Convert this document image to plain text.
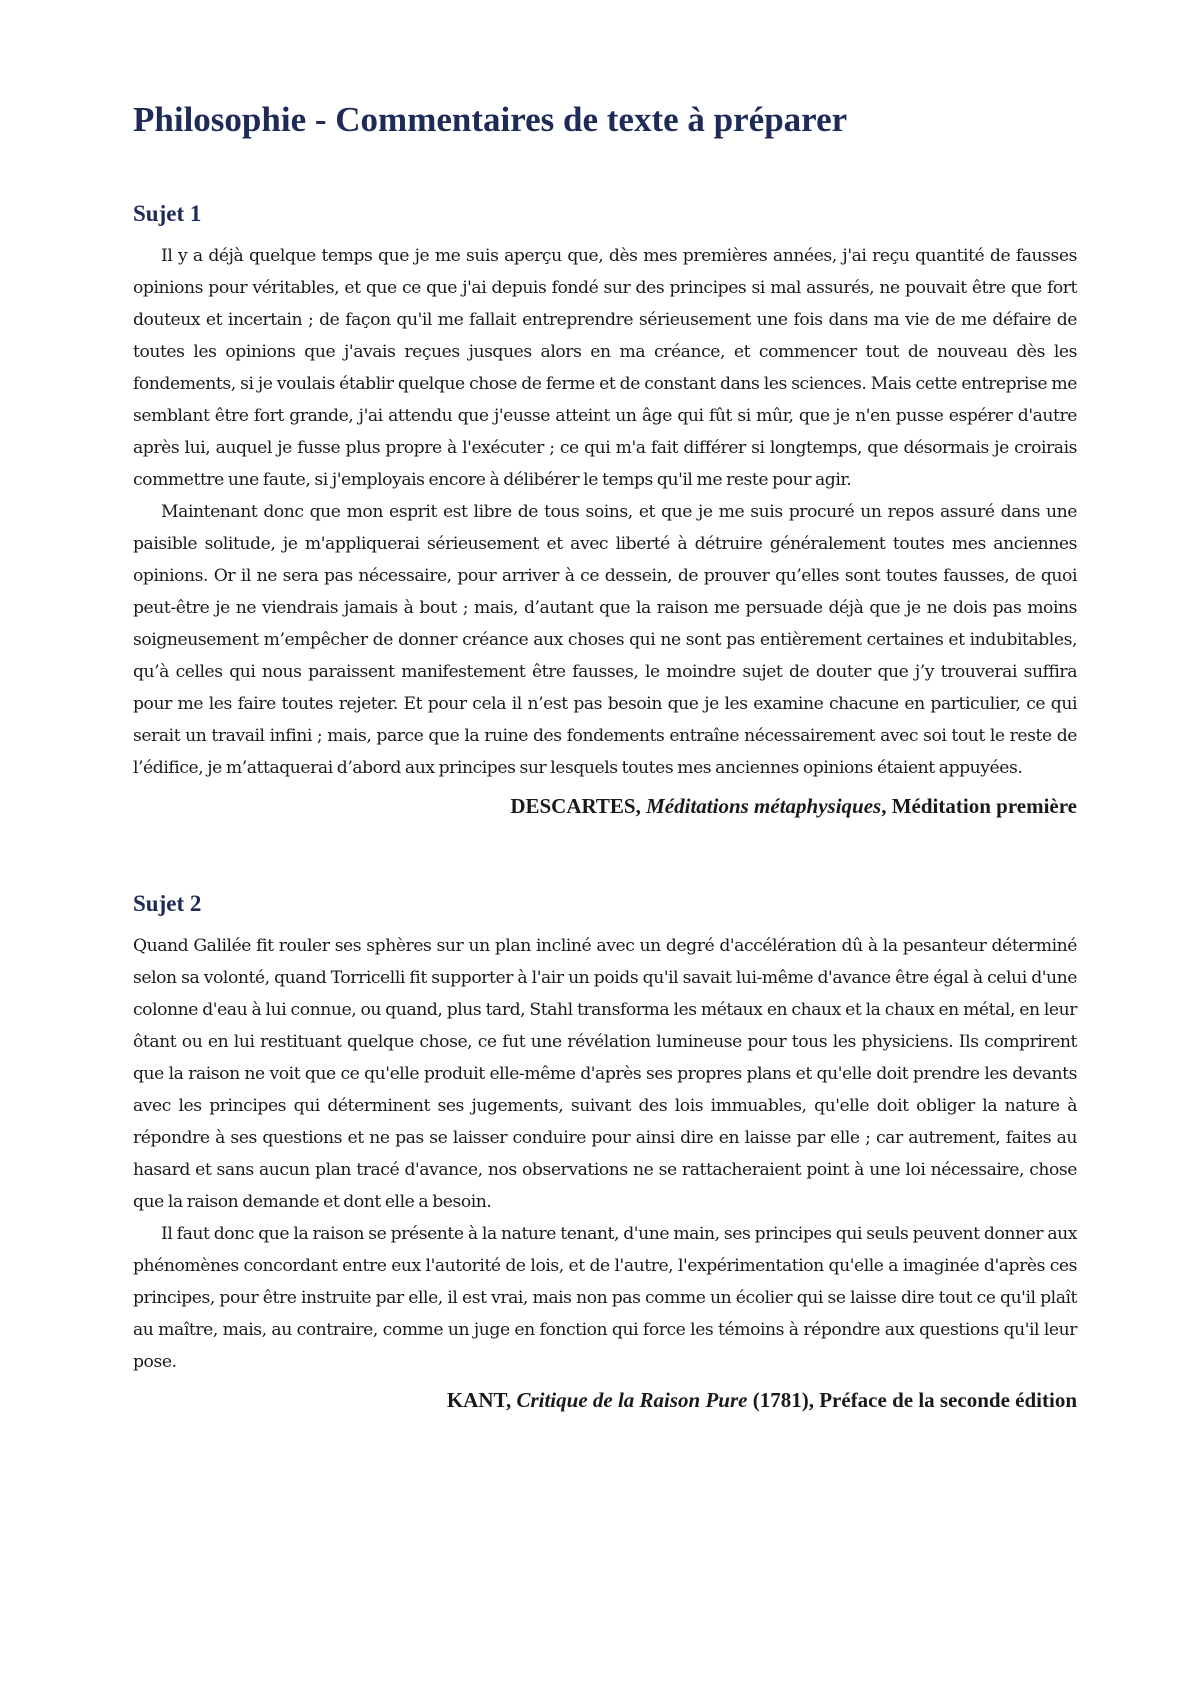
Philosophie - Commentaires de texte à préparer
Sujet 1

Il y a déjà quelque temps que je me suis aperçu que, dès mes premières années, j'ai reçu quantité de fausses opinions pour véritables, et que ce que j'ai depuis fondé sur des principes si mal assurés, ne pouvait être que fort douteux et incertain ; de façon qu'il me fallait entreprendre sérieusement une fois dans ma vie de me défaire de toutes les opinions que j'avais reçues jusques alors en ma créance, et commencer tout de nouveau dès les fondements, si je voulais établir quelque chose de ferme et de constant dans les sciences. Mais cette entreprise me semblant être fort grande, j'ai attendu que j'eusse atteint un âge qui fût si mûr, que je n'en pusse espérer d'autre après lui, auquel je fusse plus propre à l'exécuter ; ce qui m'a fait différer si longtemps, que désormais je croirais commettre une faute, si j'employais encore à délibérer le temps qu'il me reste pour agir.

Maintenant donc que mon esprit est libre de tous soins, et que je me suis procuré un repos assuré dans une paisible solitude, je m'appliquerai sérieusement et avec liberté à détruire généralement toutes mes anciennes opinions. Or il ne sera pas nécessaire, pour arriver à ce dessein, de prouver qu’elles sont toutes fausses, de quoi peut-être je ne viendrais jamais à bout ; mais, d’autant que la raison me persuade déjà que je ne dois pas moins soigneusement m’empêcher de donner créance aux choses qui ne sont pas entièrement certaines et indubitables, qu’à celles qui nous paraissent manifestement être fausses, le moindre sujet de douter que j’y trouverai suffira pour me les faire toutes rejeter. Et pour cela il n’est pas besoin que je les examine chacune en particulier, ce qui serait un travail infini ; mais, parce que la ruine des fondements entraîne nécessairement avec soi tout le reste de l’édifice, je m’attaquerai d’abord aux principes sur lesquels toutes mes anciennes opinions étaient appuyées.

DESCARTES, Méditations métaphysiques, Méditation première

Sujet 2

Quand Galilée fit rouler ses sphères sur un plan incliné avec un degré d'accélération dû à la pesanteur déterminé selon sa volonté, quand Torricelli fit supporter à l'air un poids qu'il savait lui-même d'avance être égal à celui d'une colonne d'eau à lui connue, ou quand, plus tard, Stahl transforma les métaux en chaux et la chaux en métal, en leur ôtant ou en lui restituant quelque chose, ce fut une révélation lumineuse pour tous les physiciens. Ils comprirent que la raison ne voit que ce qu'elle produit elle-même d'après ses propres plans et qu'elle doit prendre les devants avec les principes qui déterminent ses jugements, suivant des lois immuables, qu'elle doit obliger la nature à répondre à ses questions et ne pas se laisser conduire pour ainsi dire en laisse par elle ; car autrement, faites au hasard et sans aucun plan tracé d'avance, nos observations ne se rattacheraient point à une loi nécessaire, chose que la raison demande et dont elle a besoin.

Il faut donc que la raison se présente à la nature tenant, d'une main, ses principes qui seuls peuvent donner aux phénomènes concordant entre eux l'autorité de lois, et de l'autre, l'expérimentation qu'elle a imaginée d'après ces principes, pour être instruite par elle, il est vrai, mais non pas comme un écolier qui se laisse dire tout ce qu'il plaît au maître, mais, au contraire, comme un juge en fonction qui force les témoins à répondre aux questions qu'il leur pose.

KANT, Critique de la Raison Pure (1781), Préface de la seconde édition
